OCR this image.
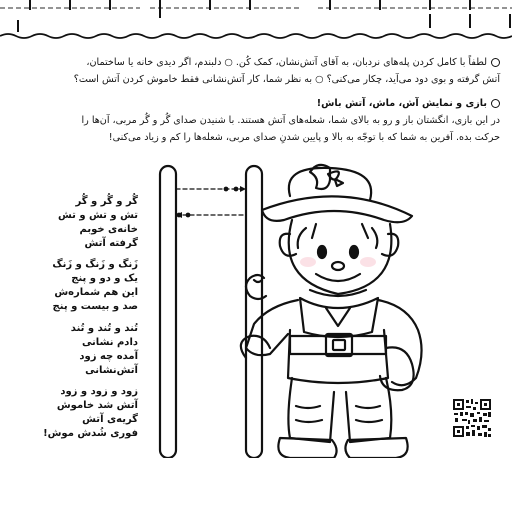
لطفاً با کامل کردن پله‌های نردبان، به آقای آتش‌نشان، کمک کُن. ○ دلبندم، اگر دیدی خانه یا ساختمان،
آتش گرفته و بوی دود می‌آید، چکار می‌کنی؟ ○ به نظر شما، کار آتش‌نشانی فقط خاموش کردن آتش است؟
بازی و نمایش آش، ماش، آتش باش!
در این بازی، انگشتان باز و رو به بالای شما، شعله‌های آتش هستند. با شنیدن صدای گُر و گُر مربی، آن‌ها را
حرکت بده. آفرین به شما که با توجّه به بالا و پایین شدنِ صدای مربی، شعله‌ها را کم و زیاد می‌کنی!
گُر و گُر و گُر
تش و تش و تش
خانه‌ی خوبم
گرفته آتش
زَنگ و زَنگ و زَنگ
یک و دو و پنج
این هم شماره‌ش
صد و بیست و پنج
تُند و تُند و تُند
دادم نشانی
آمده چه زود
آتش‌نشانی
زود و زود و زود
آتش شد خاموش
گریه‌ی آتش
فوری شُدش موش!
